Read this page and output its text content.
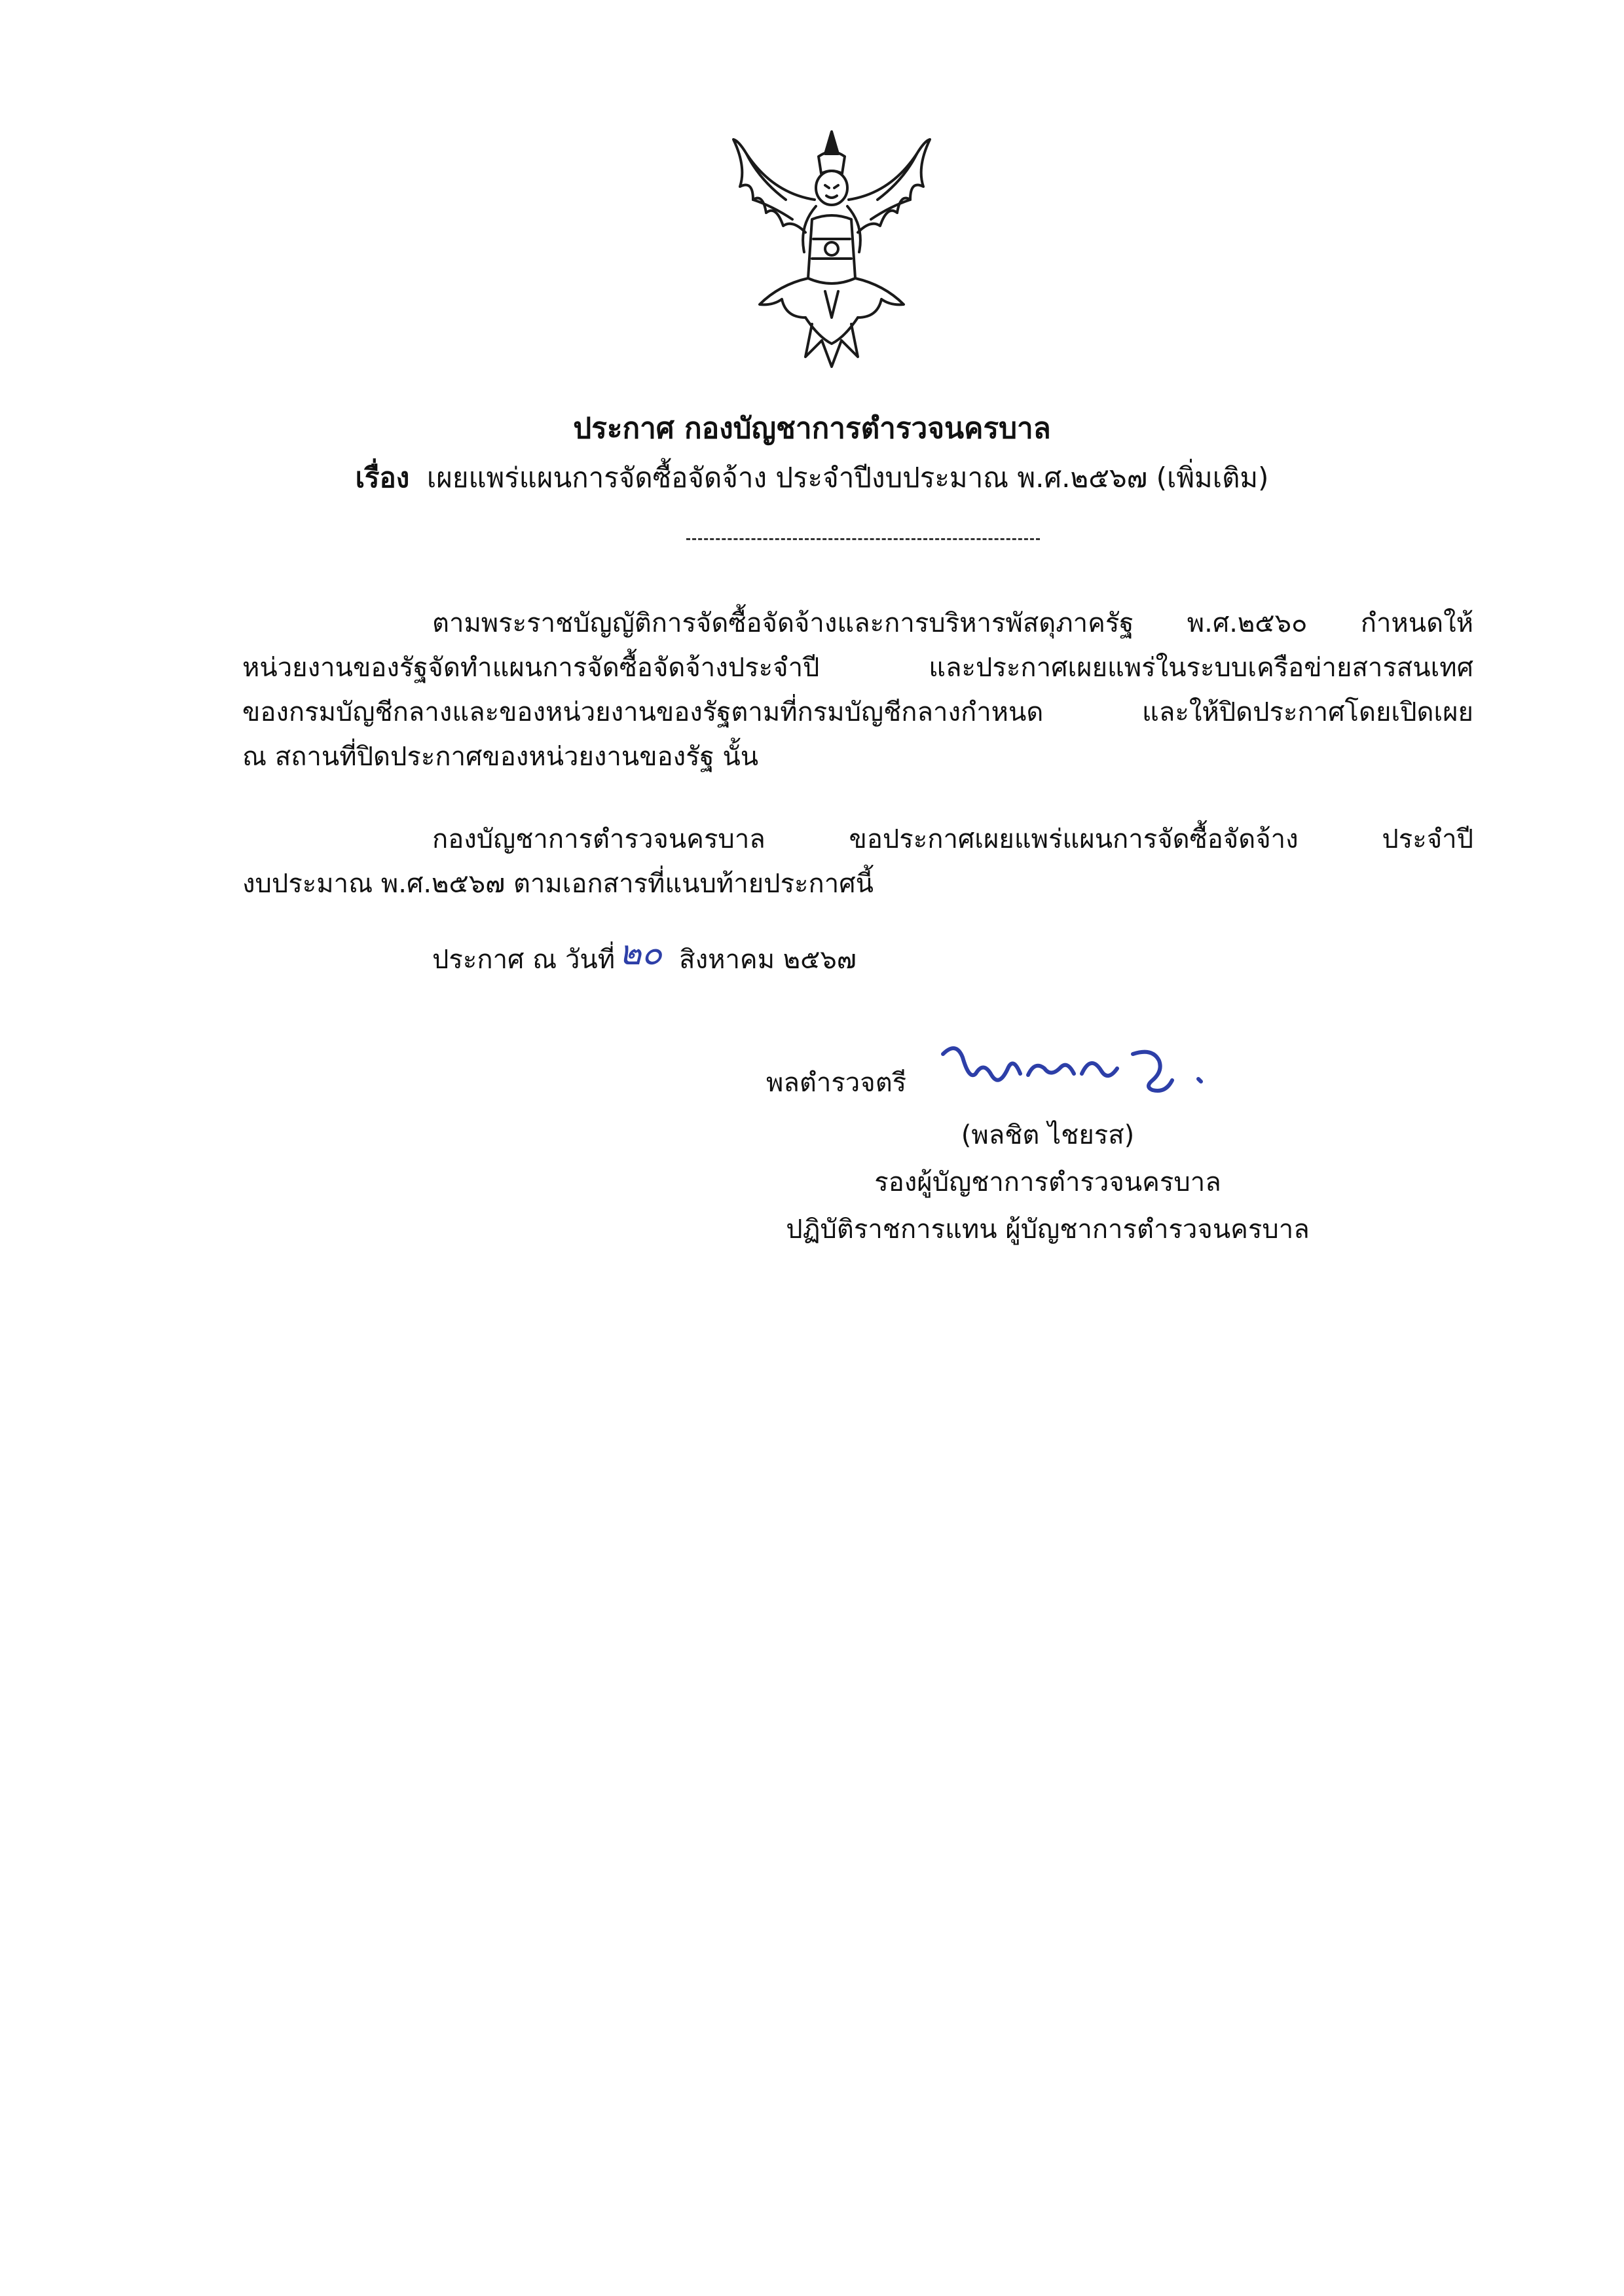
ประกาศ กองบัญชาการตำรวจนครบาล
เรื่อง เผยแพร่แผนการจัดซื้อจัดจ้าง ประจำปีงบประมาณ พ.ศ.๒๕๖๗ (เพิ่มเติม)
ตามพระราชบัญญัติการจัดซื้อจัดจ้างและการบริหารพัสดุภาครัฐ พ.ศ.๒๕๖๐ กำหนดให้
หน่วยงานของรัฐจัดทำแผนการจัดซื้อจัดจ้างประจำปี และประกาศเผยแพร่ในระบบเครือข่ายสารสนเทศ
ของกรมบัญชีกลางและของหน่วยงานของรัฐตามที่กรมบัญชีกลางกำหนด และให้ปิดประกาศโดยเปิดเผย
ณ สถานที่ปิดประกาศของหน่วยงานของรัฐ นั้น
กองบัญชาการตำรวจนครบาล ขอประกาศเผยแพร่แผนการจัดซื้อจัดจ้าง ประจำปี
งบประมาณ พ.ศ.๒๕๖๗ ตามเอกสารที่แนบท้ายประกาศนี้
ประกาศ ณ วันที่ ๒๐ สิงหาคม ๒๕๖๗
พลตำรวจตรี
(พลชิต ไชยรส)
รองผู้บัญชาการตำรวจนครบาล
ปฏิบัติราชการแทน ผู้บัญชาการตำรวจนครบาล
